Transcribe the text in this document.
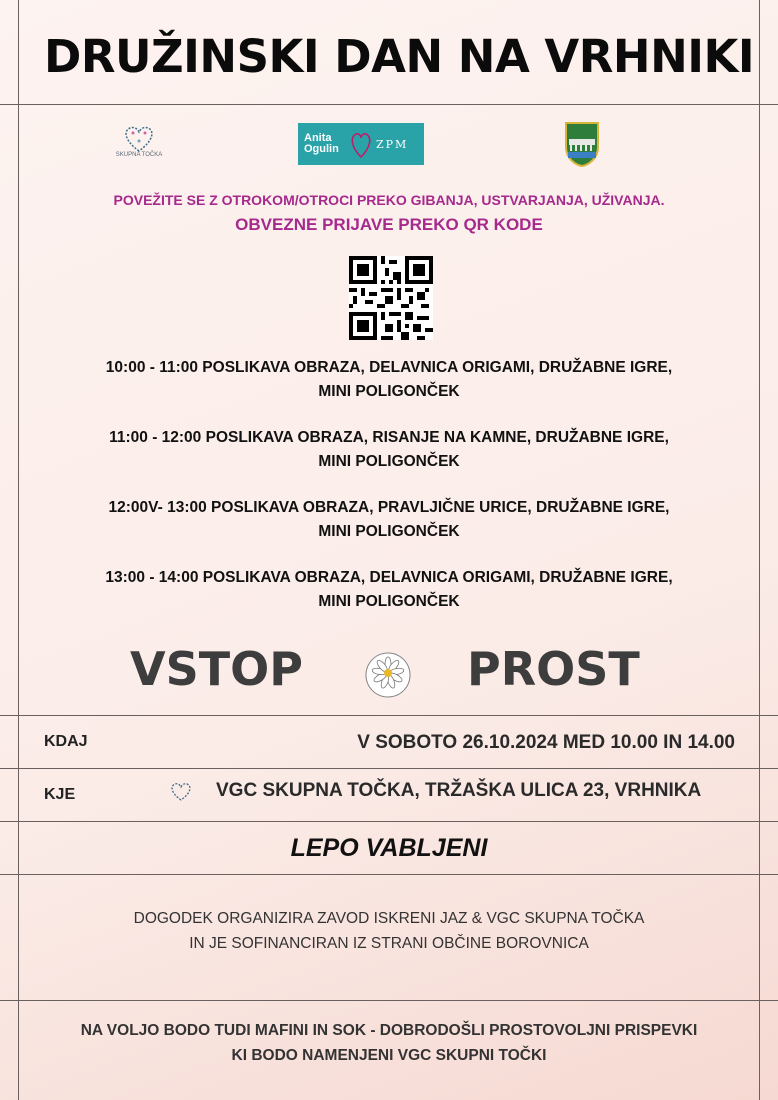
DRUŽINSKI DAN NA VRHNIKI
SKUPNA TOČKA
Anita
Ogulin	ZPM
POVEŽITE SE Z OTROKOM/OTROCI PREKO GIBANJA, USTVARJANJA, UŽIVANJA.
OBVEZNE PRIJAVE PREKO QR KODE
10:00 - 11:00 POSLIKAVA OBRAZA, DELAVNICA ORIGAMI, DRUŽABNE IGRE,
MINI POLIGONČEK
11:00 - 12:00 POSLIKAVA OBRAZA, RISANJE NA KAMNE, DRUŽABNE IGRE,
MINI POLIGONČEK
12:00V- 13:00 POSLIKAVA OBRAZA, PRAVLJIČNE URICE, DRUŽABNE IGRE,
MINI POLIGONČEK
13:00 - 14:00 POSLIKAVA OBRAZA, DELAVNICA ORIGAMI, DRUŽABNE IGRE,
MINI POLIGONČEK
VSTOP	PROST
KDAJ	V SOBOTO 26.10.2024 MED 10.00 IN 14.00
KJE	VGC SKUPNA TOČKA, TRŽAŠKA ULICA 23, VRHNIKA
LEPO VABLJENI
DOGODEK ORGANIZIRA ZAVOD ISKRENI JAZ & VGC SKUPNA TOČKA
IN JE SOFINANCIRAN IZ STRANI OBČINE BOROVNICA
NA VOLJO BODO TUDI MAFINI IN SOK - DOBRODOŠLI PROSTOVOLJNI PRISPEVKI
KI BODO NAMENJENI VGC SKUPNI TOČKI
